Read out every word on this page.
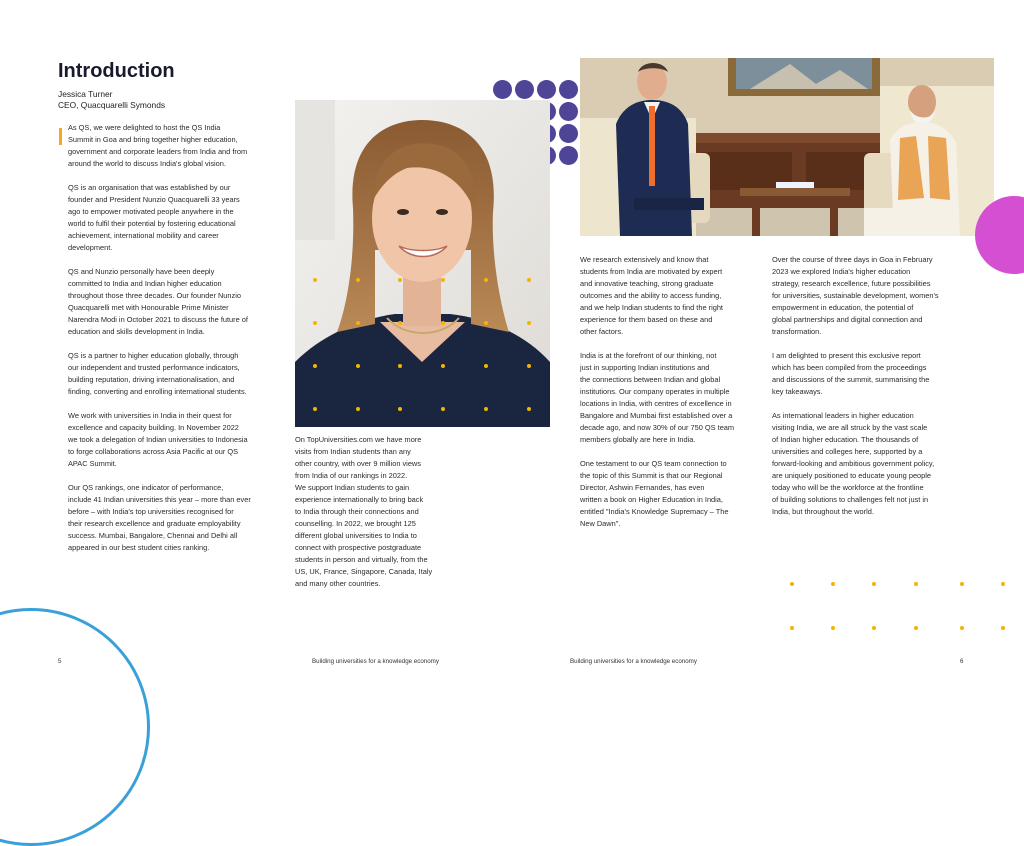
Introduction
Jessica Turner
CEO, Quacquarelli Symonds

As QS, we were delighted to host the QS India
Summit in Goa and bring together higher education,
government and corporate leaders from India and from
around the world to discuss India's global vision.

QS is an organisation that was established by our
founder and President Nunzio Quacquarelli 33 years
ago to empower motivated people anywhere in the
world to fulfil their potential by fostering educational
achievement, international mobility and career
development.

QS and Nunzio personally have been deeply
committed to India and Indian higher education
throughout those three decades. Our founder Nunzio
Quacquarelli met with Honourable Prime Minister
Narendra Modi in October 2021 to discuss the future of
education and skills development in India.

QS is a partner to higher education globally, through
our independent and trusted performance indicators,
building reputation, driving internationalisation, and
finding, converting and enrolling international students.

We work with universities in India in their quest for
excellence and capacity building. In November 2022
we took a delegation of Indian universities to Indonesia
to forge collaborations across Asia Pacific at our QS
APAC Summit.

Our QS rankings, one indicator of performance,
include 41 Indian universities this year – more than ever
before – with India's top universities recognised for
their research excellence and graduate employability
success. Mumbai, Bangalore, Chennai and Delhi all
appeared in our best student cities ranking.

On TopUniversities.com we have more
visits from Indian students than any
other country, with over 9 million views
from India of our rankings in 2022.
We support Indian students to gain
experience internationally to bring back
to India through their connections and
counselling. In 2022, we brought 125
different global universities to India to
connect with prospective postgraduate
students in person and virtually, from the
US, UK, France, Singapore, Canada, Italy
and many other countries.

We research extensively and know that
students from India are motivated by expert
and innovative teaching, strong graduate
outcomes and the ability to access funding,
and we help Indian students to find the right
experience for them based on these and
other factors.

India is at the forefront of our thinking, not
just in supporting Indian institutions and
the connections between Indian and global
institutions. Our company operates in multiple
locations in India, with centres of excellence in
Bangalore and Mumbai first established over a
decade ago, and now 30% of our 750 QS team
members globally are here in India.

One testament to our QS team connection to
the topic of this Summit is that our Regional
Director, Ashwin Fernandes, has even
written a book on Higher Education in India,
entitled "India's Knowledge Supremacy – The
New Dawn".

Over the course of three days in Goa in February
2023 we explored India's higher education
strategy, research excellence, future possibilities
for universities, sustainable development, women's
empowerment in education, the potential of
global partnerships and digital connection and
transformation.

I am delighted to present this exclusive report
which has been compiled from the proceedings
and discussions of the summit, summarising the
key takeaways.

As international leaders in higher education
visiting India, we are all struck by the vast scale
of Indian higher education. The thousands of
universities and colleges here, supported by a
forward-looking and ambitious government policy,
are uniquely positioned to educate young people
today who will be the workforce at the frontline
of building solutions to challenges felt not just in
India, but throughout the world.

5	Building universities for a knowledge economy	Building universities for a knowledge economy	6
